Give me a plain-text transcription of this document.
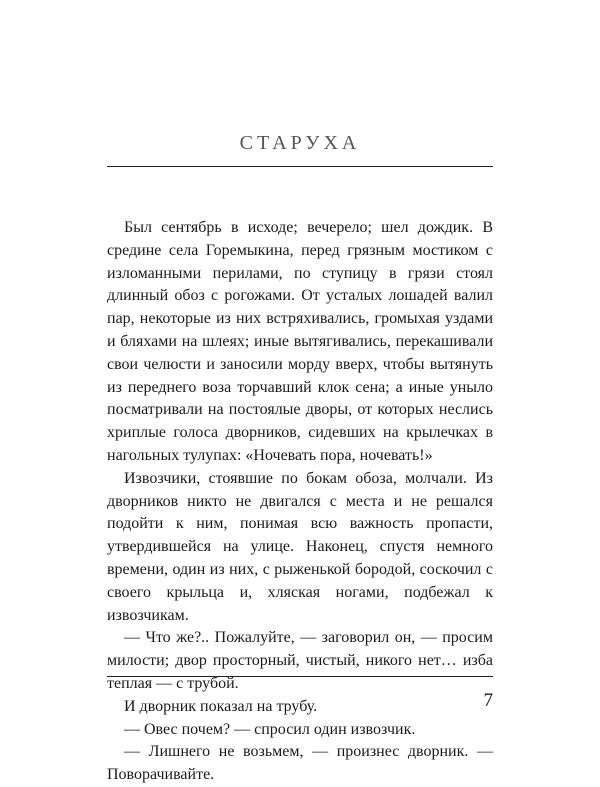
СТАРУХА

Был сентябрь в исходе; вечерело; шел дождик. В средине села Горемыкина, перед грязным мостиком с изломанными перилами, по ступицу в грязи стоял длинный обоз с рогожами. От усталых лошадей валил пар, некоторые из них встряхивались, громыхая уздами и бляхами на шлеях; иные вытягивались, перекашивали свои челюсти и заносили морду вверх, чтобы вытянуть из переднего воза торчавший клок сена; а иные уныло посматривали на постоялые дворы, от которых неслись хриплые голоса дворников, сидевших на крылечках в нагольных тулупах: «Ночевать пора, ночевать!»

Извозчики, стоявшие по бокам обоза, молчали. Из дворников никто не двигался с места и не решался подойти к ним, понимая всю важность пропасти, утвердившейся на улице. Наконец, спустя немного времени, один из них, с рыженькой бородой, соскочил с своего крыльца и, хляская ногами, подбежал к извозчикам.

— Что же?.. Пожалуйте, — заговорил он, — просим милости; двор просторный, чистый, никого нет… изба теплая — с трубой.

И дворник показал на трубу.

— Овес почем? — спросил один извозчик.

— Лишнего не возьмем, — произнес дворник. — Поворачивайте.

7
